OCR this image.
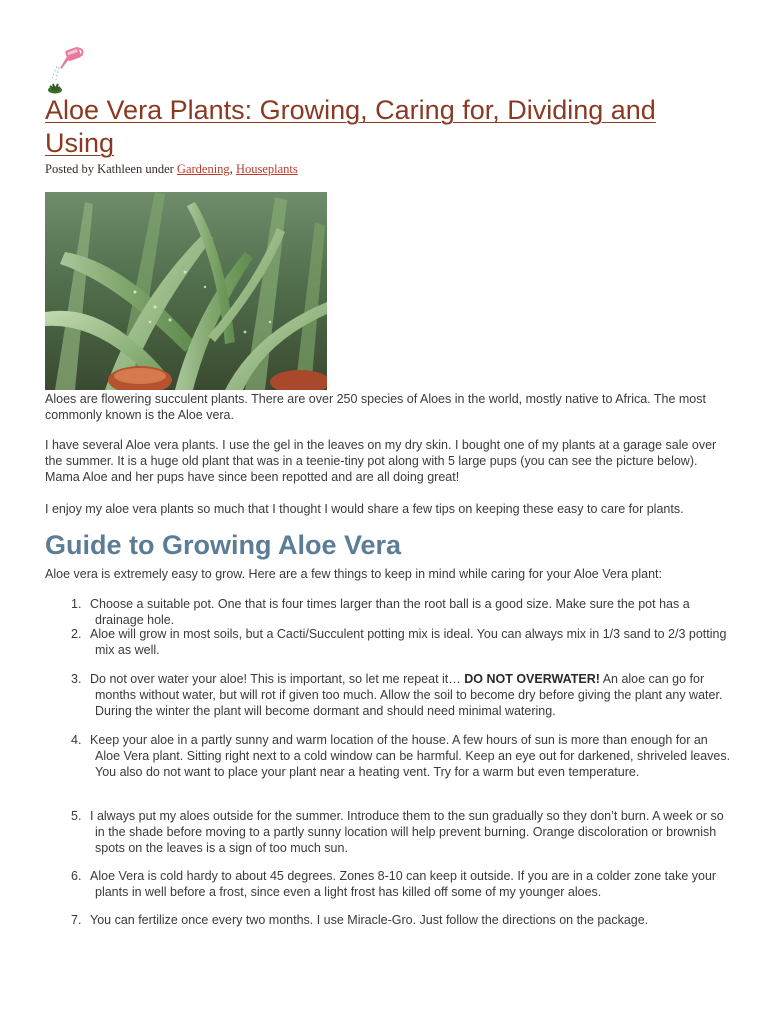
Aloe Vera Plants: Growing, Caring for, Dividing and Using
Posted by Kathleen under Gardening, Houseplants

Aloes are flowering succulent plants. There are over 250 species of Aloes in the world, mostly native to Africa. The most commonly known is the Aloe vera.

I have several Aloe vera plants. I use the gel in the leaves on my dry skin. I bought one of my plants at a garage sale over the summer. It is a huge old plant that was in a teenie-tiny pot along with 5 large pups (you can see the picture below). Mama Aloe and her pups have since been repotted and are all doing great!

I enjoy my aloe vera plants so much that I thought I would share a few tips on keeping these easy to care for plants.

Guide to Growing Aloe Vera

Aloe vera is extremely easy to grow. Here are a few things to keep in mind while caring for your Aloe Vera plant:

1. Choose a suitable pot. One that is four times larger than the root ball is a good size. Make sure the pot has a drainage hole.
2. Aloe will grow in most soils, but a Cacti/Succulent potting mix is ideal. You can always mix in 1/3 sand to 2/3 potting mix as well.
3. Do not over water your aloe! This is important, so let me repeat it… DO NOT OVERWATER! An aloe can go for months without water, but will rot if given too much. Allow the soil to become dry before giving the plant any water. During the winter the plant will become dormant and should need minimal watering.
4. Keep your aloe in a partly sunny and warm location of the house. A few hours of sun is more than enough for an Aloe Vera plant. Sitting right next to a cold window can be harmful. Keep an eye out for darkened, shriveled leaves. You also do not want to place your plant near a heating vent. Try for a warm but even temperature.
5. I always put my aloes outside for the summer. Introduce them to the sun gradually so they don’t burn. A week or so in the shade before moving to a partly sunny location will help prevent burning. Orange discoloration or brownish spots on the leaves is a sign of too much sun.
6. Aloe Vera is cold hardy to about 45 degrees. Zones 8-10 can keep it outside. If you are in a colder zone take your plants in well before a frost, since even a light frost has killed off some of my younger aloes.
7. You can fertilize once every two months. I use Miracle-Gro. Just follow the directions on the package.
